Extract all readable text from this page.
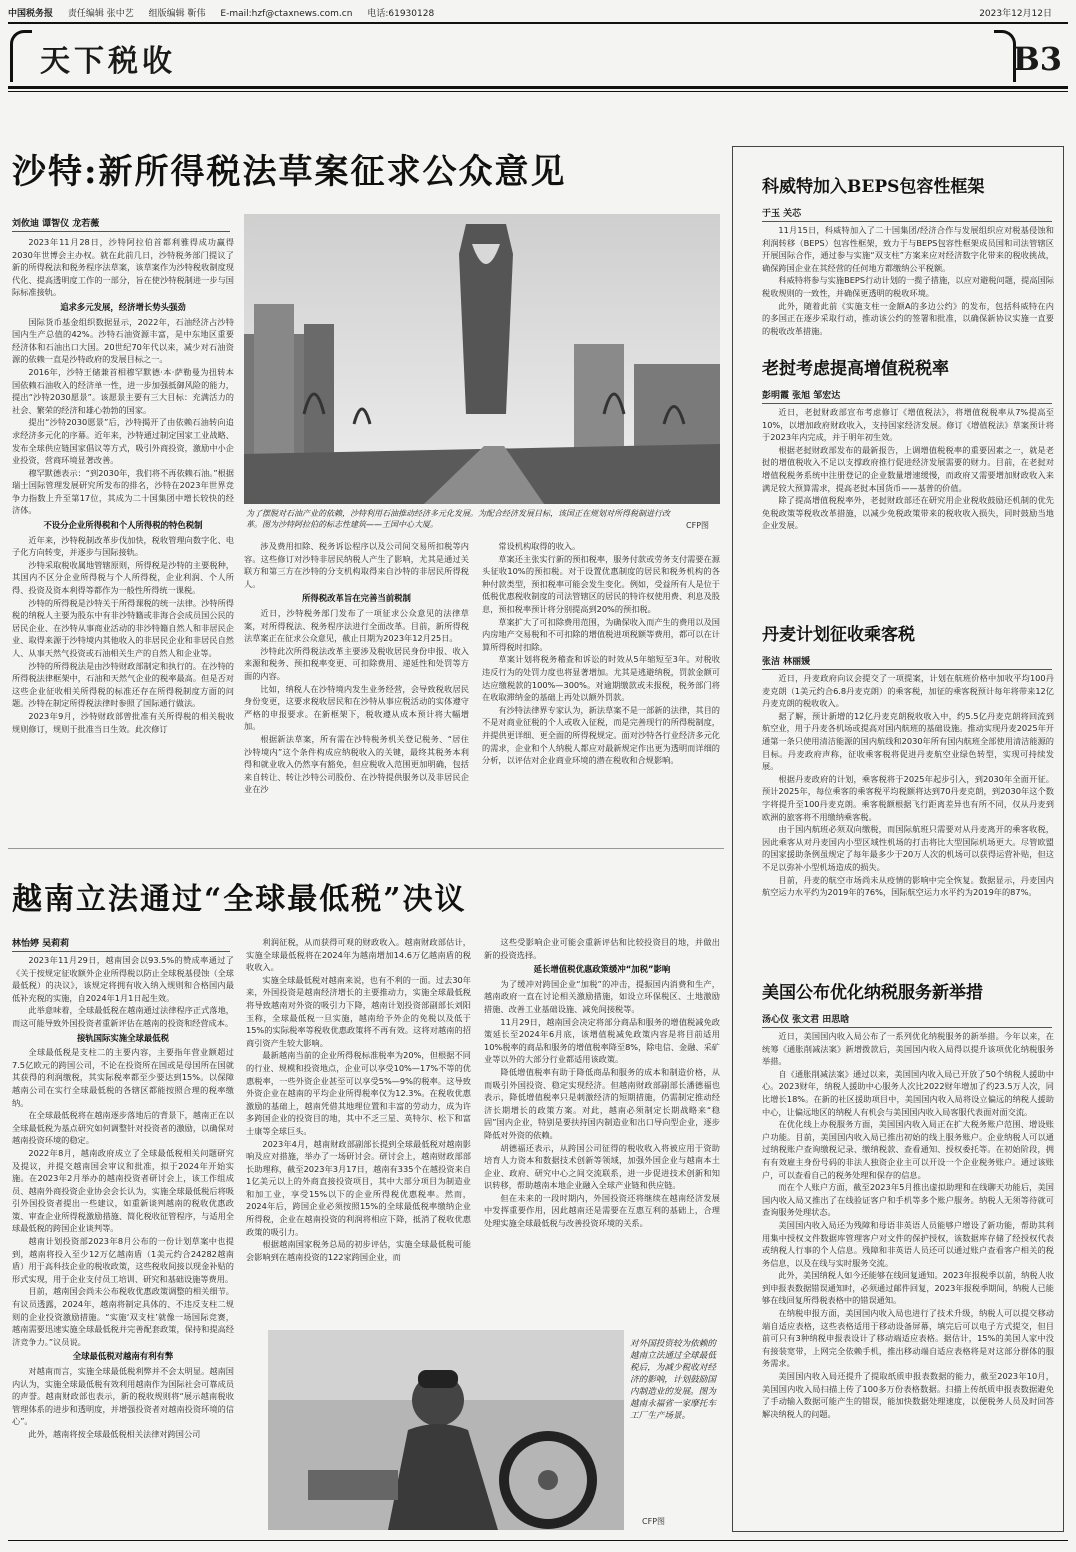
中国税务报 责任编辑 张中艺 组版编辑 靳伟 E-mail:hzf@ctaxnews.com.cn 电话:61930128	2023年12月12日
天下税收	B3
沙特:新所得税法草案征求公众意见
刘攸迪 谭智仪 龙若薇

2023年11月28日，沙特阿拉伯首都利雅得成功赢得2030年世博会主办权。就在此前几日，沙特税务部门提议了新的所得税法和税务程序法草案，该草案作为沙特税收制度现代化、提高透明度工作的一部分，旨在使沙特税制进一步与国际标准接轨。

追求多元发展，经济增长势头强劲

国际货币基金组织数据显示，2022年，石油经济占沙特国内生产总值的42%。沙特石油资源丰富，是中东地区重要经济体和石油出口大国。20世纪70年代以来，减少对石油资源的依赖一直是沙特政府的发展目标之一。

2016年，沙特王储兼首相穆罕默德·本·萨勒曼为扭转本国依赖石油收入的经济单一性，进一步加强抵御风险的能力，提出“沙特2030愿景”。该愿景主要有三大目标：充满活力的社会、繁荣的经济和雄心勃勃的国家。

提出“沙特2030愿景”后，沙特揭开了由依赖石油转向追求经济多元化的序幕。近年来，沙特通过制定国家工业战略、发布全球供应链国家倡议等方式，吸引外商投资，激励中小企业投资，营商环境显著改善。

穆罕默德表示：“到2030年，我们将不再依赖石油。”根据瑞士国际管理发展研究所发布的排名，沙特在2023年世界竞争力指数上升至第17位，其成为二十国集团中增长较快的经济体。

不设分企业所得税和个人所得税的特色税制

近年来，沙特税制改革步伐加快，税收管理向数字化、电子化方向转变，并逐步与国际接轨。

沙特采取税收属地管辖原则，所得税是沙特的主要税种，其国内不区分企业所得税与个人所得税，企业利润、个人所得、投资及资本利得等都作为一般性所得统一课税。

沙特的所得税是沙特关于所得课税的统一法律。沙特所得税的纳税人主要为股东中有非沙特籍或非海合会成员国公民的居民企业、在沙特从事商业活动的非沙特籍自然人和非居民企业、取得来源于沙特境内其他收入的非居民企业和非居民自然人、从事天然气投资或石油相关生产的自然人和企业等。

沙特的所得税法是由沙特财政部制定和执行的。在沙特的所得税法律框架中，石油和天然气企业的税率最高。但是否对这些企业征收相关所得税的标准还存在所得税制度方面的问题。沙特在制定所得税法律时参照了国际通行做法。

2023年9月，沙特财政部曾批准有关所得税的相关税收规则修订，规则于批准当日生效。此次修订

为了摆脱对石油产业的依赖，沙特利用石油推动经济多元化发展。为配合经济发展目标，该国正在规划对所得税制进行改革。图为沙特阿拉伯的标志性建筑——王国中心大厦。	CFP图

涉及费用扣除、税务诉讼程序以及公司间交易所扣税等内容。这些修订对沙特非居民纳税人产生了影响，尤其是通过关联方和第三方在沙特的分支机构取得来自沙特的非居民所得税人。

所得税改革旨在完善当前税制

近日，沙特税务部门发布了一项征求公众意见的法律草案，对所得税法、税务程序法进行全面改革。目前，新所得税法草案正在征求公众意见，截止日期为2023年12月25日。

沙特此次所得税法改革主要涉及税收居民身份申报、收入来源和税务、预扣税率变更、可扣除费用、递延性和处罚等方面的内容。

比如，纳税人在沙特境内发生业务经营，会导致税收居民身份变更，这要求税收居民和在沙特从事应税活动的实体遵守严格的申报要求。在新框架下，税收遵从成本预计将大幅增加。

根据新法草案，所有需在沙特税务机关登记税务、“居住沙特境内”这个条件构成应纳税收入的关键，最终其税务本利得和就业收入仍然享有豁免，但应税收入范围更加明确，包括来自转让、转让沙特公司股份、在沙特提供服务以及非居民企业在沙

常设机构取得的收入。

草案还主张实行新的预扣税率，服务付款或劳务支付需要在源头征收10%的预扣税。对于设置优惠制度的居民和税务机构的各种付款类型，预扣税率可能会发生变化。例如，受益所有人是位于低税优惠税收制度的司法管辖区的居民的特许权使用费、利息及股息，预扣税率预计将分别提高到20%的预扣税。

草案扩大了可扣除费用范围，为确保收入而产生的费用以及国内房地产交易税和不可扣除的增值税进项税额等费用，都可以在计算所得税时扣除。

草案计划将税务稽查和诉讼的时效从5年缩短至3年。对税收违反行为的处罚力度也将显著增加。尤其是逃避纳税，罚款金额可达应缴税款的100%—300%。对逾期缴款或未报税，税务部门将在收取滞纳金的基础上再处以额外罚款。

有沙特法律界专家认为，新法草案不是一部新的法律，其目的不是对商业征税的个人或收入征税，而是完善现行的所得税制度，并提供更详细、更全面的所得税规定。面对沙特各行业经济多元化的需求，企业和个人纳税人都应对最新规定作出更为透明而详细的分析，以评估对企业商业环境的潜在税收和合规影响。

越南立法通过“全球最低税”决议
林怡婷 吴莉莉

2023年11月29日，越南国会以93.5%的赞成率通过了《关于按规定征收额外企业所得税以防止全球税基侵蚀（全球最低税）的决议》，该规定将拥有收入纳入规则和合格国内最低补充税的实施，自2024年1月1日起生效。

此举意味着，全球最低税在越南通过法律程序正式落地，而这可能导致外国投资者重新评估在越南的投资和经营成本。

接轨国际实施全球最低税

全球最低税是支柱二的主要内容，主要指年营业额超过7.5亿欧元的跨国公司，不论在投资所在国或是母国所在国就其获得的利润缴税，其实际税率都至少要达到15%。以保障越南公司在实行全球最低税的各辖区都能按照合理的税率缴纳。

在全球最低税将在越南逐步落地后的背景下，越南正在以全球最低税为基点研究如何调整针对投资者的激励，以确保对越南投资环境的稳定。

2022年8月，越南政府成立了全球最低税相关问题研究及提议，并提交越南国会审议和批准，拟于2024年开始实施。在2023年2月举办的越南投资者研讨会上，该工作组成员、越南外商投资企业协会会长认为，实施全球最低税后将吸引外国投资者提出一些建议，如重新谈判越南的税收优惠政策、审查企业所得税激励措施、简化税收征管程序，与适用全球最低税的跨国企业谈判等。

越南计划投资部2023年8月公布的一份计划草案中也提到，越南将投入至少12万亿越南盾（1美元约合24282越南盾）用于高科技企业的税收政策，这些税收间接以现金补贴的形式实现，用于企业支付员工培训、研究和基础设施等费用。

目前，越南国会尚未公布税收优惠政策调整的相关细节。有议员透露，2024年，越南将制定具体的、不违反支柱二规则的企业投资激励措施。“实施‘双支柱’就像一场国际竞赛，越南需要迅速实施全球最低税并完善配套政策，保持和提高经济竞争力。”议员说。

全球最低税对越南有利有弊

对越南而言，实施全球最低税利弊并不会太明显。越南国内认为，实施全球最低税有效利用越南作为国际社会可靠成员的声誉。越南财政部也表示，新的税收规则将“展示越南税收管理体系的进步和透明度，并增强投资者对越南投资环境的信心”。

此外，越南将按全球最低税相关法律对跨国公司

利润征税，从而获得可观的财政收入。越南财政部估计，实施全球最低税将在2024年为越南增加14.6万亿越南盾的税收收入。

实施全球最低税对越南来说，也有不利的一面。过去30年来，外国投资是越南经济增长的主要推动力，实施全球最低税将导致越南对外资的吸引力下降，越南计划投资部副部长刘阳玉称，全球最低税一旦实施，越南给予外企的免税以及低于15%的实际税率等税收优惠政策将不再有效。这将对越南的招商引资产生较大影响。

最新越南当前的企业所得税标准税率为20%，但根据不同的行业、规模和投资地点，企业可以享受10%—17%不等的优惠税率，一些外资企业甚至可以享受5%—9%的税率。这导致外资企业在越南的平均企业所得税率仅为12.3%。在税收优惠激励的基础上，越南凭借其地理位置和丰富的劳动力，成为许多跨国企业的投资目的地，其中不乏三星、英特尔、松下和富士康等全球巨头。

2023年4月，越南财政部副部长提到全球最低税对越南影响及应对措施，举办了一场研讨会。研讨会上，越南财政部部长助理称，截至2023年3月17日，越南有335个在越投资来自1亿美元以上的外商直接投资项目，其中大部分项目为制造业和加工业，享受15%以下的企业所得税优惠税率。然而，2024年后，跨国企业必须按照15%的全球最低税率缴纳企业所得税，企业在越南投资的利润将相应下降，抵消了税收优惠政策的吸引力。

根据越南国家税务总局的初步评估，实施全球最低税可能会影响到在越南投资的122家跨国企业，而

这些受影响企业可能会重新评估和比较投资目的地，并做出新的投资选择。

延长增值税优惠政策缓冲“加税”影响

为了缓冲对跨国企业“加税”的冲击，提振国内消费和生产，越南政府一直在讨论相关激励措施，如设立环保税区、土地激励措施、改善工业基础设施、减免间接税等。

11月29日，越南国会决定将部分商品和服务的增值税减免政策延长至2024年6月底，该增值税减免政策内容是将目前适用10%税率的商品和服务的增值税率降至8%，除电信、金融、采矿业等以外的大部分行业都适用该政策。

降低增值税率有助于降低商品和服务的成本和制造价格，从而吸引外国投资、稳定实现经济。但越南财政部副部长潘德福也表示，降低增值税率只是刺激经济的短期措施，仍需制定推动经济长期增长的政策方案。对此，越南必须制定长期战略来“稳固”国内企业，特别是要扶持国内制造业和出口导向型企业，逐步降低对外资的依赖。

胡德福还表示，从跨国公司征得的税收收入将被应用于资助培育人力资本和数据技术创新等领域，加强外国企业与越南本土企业、政府、研究中心之间交流联系，进一步促进技术创新和知识转移，帮助越南本地企业融入全球产业链和供应链。

但在未来的一段时期内，外国投资还将继续在越南经济发展中发挥重要作用，因此越南还是需要在互惠互利的基础上，合理处理实施全球最低税与改善投资环境的关系。

对外国投资较为依赖的越南立法通过全球最低税后，为减少税收对经济的影响，计划鼓励国内制造业的发展。图为越南永福省一家摩托车工厂生产场景。
CFP图
科威特加入BEPS包容性框架
于玉 关芯

11月15日，科威特加入了二十国集团/经济合作与发展组织应对税基侵蚀和利润转移（BEPS）包容性框架，致力于与BEPS包容性框架成员国和司法管辖区开展国际合作，通过参与实施“双支柱”方案来应对经济数字化带来的税收挑战，确保跨国企业在其经营的任何地方都缴纳公平税额。

科威特将参与实施BEPS行动计划的一揽子措施，以应对避税问题，提高国际税收规则的一致性，并确保更透明的税收环境。

此外，随着此前《实施支柱一金额A的多边公约》的发布，包括科威特在内的多国正在逐步采取行动，推动该公约的签署和批准，以确保新协议实施一直要的税收改革措施。

老挝考虑提高增值税税率
彭明霞 张旭 邹宏达

近日，老挝财政部宣布考虑修订《增值税法》，将增值税税率从7%提高至10%，以增加政府财政收入，支持国家经济发展。修订《增值税法》草案预计将于2023年内完成，并于明年初生效。

根据老挝财政部发布的最新报告，上调增值税税率的重要因素之一，就是老挝的增值税收入不足以支撑政府推行促进经济发展需要的财力。目前，在老挝对增值税税务系统中注册登记的企业数量增速缓慢，而政府又需要增加财政收入来满足较大预算需求，提高老挝本国货币——基普的价值。

除了提高增值税税率外，老挝财政部还在研究用企业税收鼓励还机制的优先免税政策等税收改革措施，以减少免税政策带来的税收收入损失，同时鼓励当地企业发展。

丹麦计划征收乘客税
张洁 林丽媛

近日，丹麦政府向议会提交了一项提案，计划在航班价格中加收平均100丹麦克朗（1美元约合6.8丹麦克朗）的乘客税，加征的乘客税预计每年将带来12亿丹麦克朗的税收收入。

据了解，预计新增的12亿丹麦克朗税收收入中，约5.5亿丹麦克朗将回流到航空业，用于丹麦各机场或提高对国内航班的基础设施。推动实现丹麦2025年开通第一条只使用清洁能源的国内航线和2030年所有国内航班全部使用清洁能源的目标。丹麦政府声称，征收乘客税将促进丹麦航空业绿色转型，实现可持续发展。

根据丹麦政府的计划，乘客税将于2025年起步引入，到2030年全面开征。预计2025年，每位乘客的乘客税平均税额将达到70丹麦克朗，到2030年这个数字将提升至100丹麦克朗。乘客税额根据飞行距离差异也有所不同，仅从丹麦到欧洲的旅客将不用缴纳乘客税。

由于国内航班必须双向缴税，而国际航班只需要对从丹麦离开的乘客收税，因此乘客从对丹麦国内小型区域性机场的打击将比大型国际机场更大。尽管欧盟的国家援助条例虽规定了每年最多少于20万人次的机场可以获得运营补贴，但这不足以弥补小型机场造成的损失。

目前，丹麦的航空市场尚未从疫情的影响中完全恢复。数据显示，丹麦国内航空运力水平约为2019年的76%，国际航空运力水平约为2019年的87%。

美国公布优化纳税服务新举措
汤心仪 张文君 田思晗

近日，美国国内收入局公布了一系列优化纳税服务的新举措。今年以来，在统筹《通胀削减法案》新增拨款后，美国国内收入局得以提升该项优化纳税服务举措。

自《通胀削减法案》通过以来，美国国内收入局已开放了50个纳税人援助中心。2023财年，纳税人援助中心服务人次比2022财年增加了约23.5万人次，同比增长18%。在新的社区援助项目中，美国国内收入局将设立偏远的纳税人援助中心，让偏远地区的纳税人有机会与美国国内收入局客服代表面对面交流。

在优化线上办税服务方面，美国国内收入局正在扩大税务账户范围、增设账户功能。目前，美国国内收入局已推出初始的线上服务账户。企业纳税人可以通过纳税账户查询缴税记录、缴纳税款、查看通知、授权委托等。在初始阶段，拥有有效雇主身份号码的非法人独资企业主可以开设一个企业税务账户。通过该账户，可以查看自己的税务处理和保存的信息。

而在个人账户方面，截至2023年5月推出虚拟助理和在线聊天功能后，美国国内收入局又推出了在线验证客户和手机等多个账户服务。纳税人无须等待就可查询服务处理状态。

美国国内收入局还为残障和母语非英语人员能够户增设了新功能，帮助其利用集中授权文件数据库管理客户对文件的保护授权，该数据库存储了经授权代表或纳税人行事的个人信息。残障和非英语人员还可以通过账户查看客户相关的税务信息，以及在线与实时服务交流。

此外，美国纳税人如今还能够在线回复通知。2023年报税季以前，纳税人收到申报表数据错误通知时，必须通过邮件回复，2023年报税季期间，纳税人已能够在线回复所得税表格中的错误通知。

在纳税申报方面，美国国内收入局也进行了技术升级，纳税人可以提交移动端自适应表格，这些表格适用于移动设备屏幕，填完后可以电子方式提交，但目前可只有3种纳税申报表设计了移动端适应表格。据估计，15%的美国人家中没有接装宽带，上网完全依赖手机，推出移动端自适应表格将是对这部分群体的服务需求。

美国国内收入局还提升了提取纸质申报表数据的能力，截至2023年10月，美国国内收入局扫描上传了100多万份表格数据。扫描上传纸质申报表数据避免了手动输入数据可能产生的错误，能加快数据处理速度，以便税务人员及时回答解决纳税人的问题。
